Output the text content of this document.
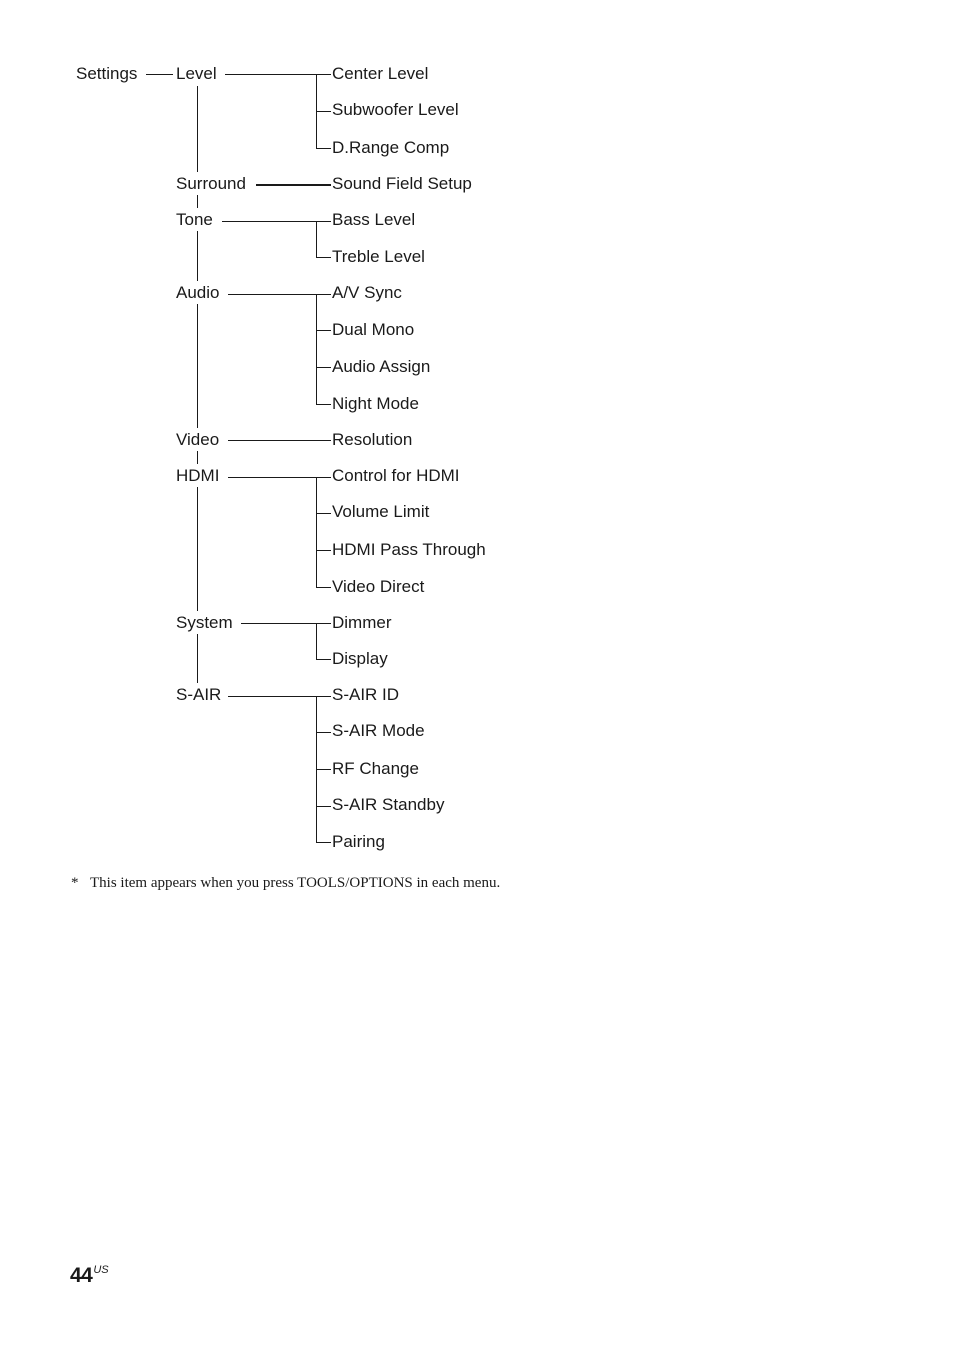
Settings Level	Center Level
Subwoofer Level
D.Range Comp
Surround	Sound Field Setup
Tone	Bass Level
Treble Level
Audio	A/V Sync
Dual Mono
Audio Assign
Night Mode
Video	Resolution
HDMI	Control for HDMI
Volume Limit
HDMI Pass Through
Video Direct
System	Dimmer
Display
S-AIR	S-AIR ID
S-AIR Mode
RF Change
S-AIR Standby
Pairing
* This item appears when you press TOOLS/OPTIONS in each menu.
$44^{US}$
